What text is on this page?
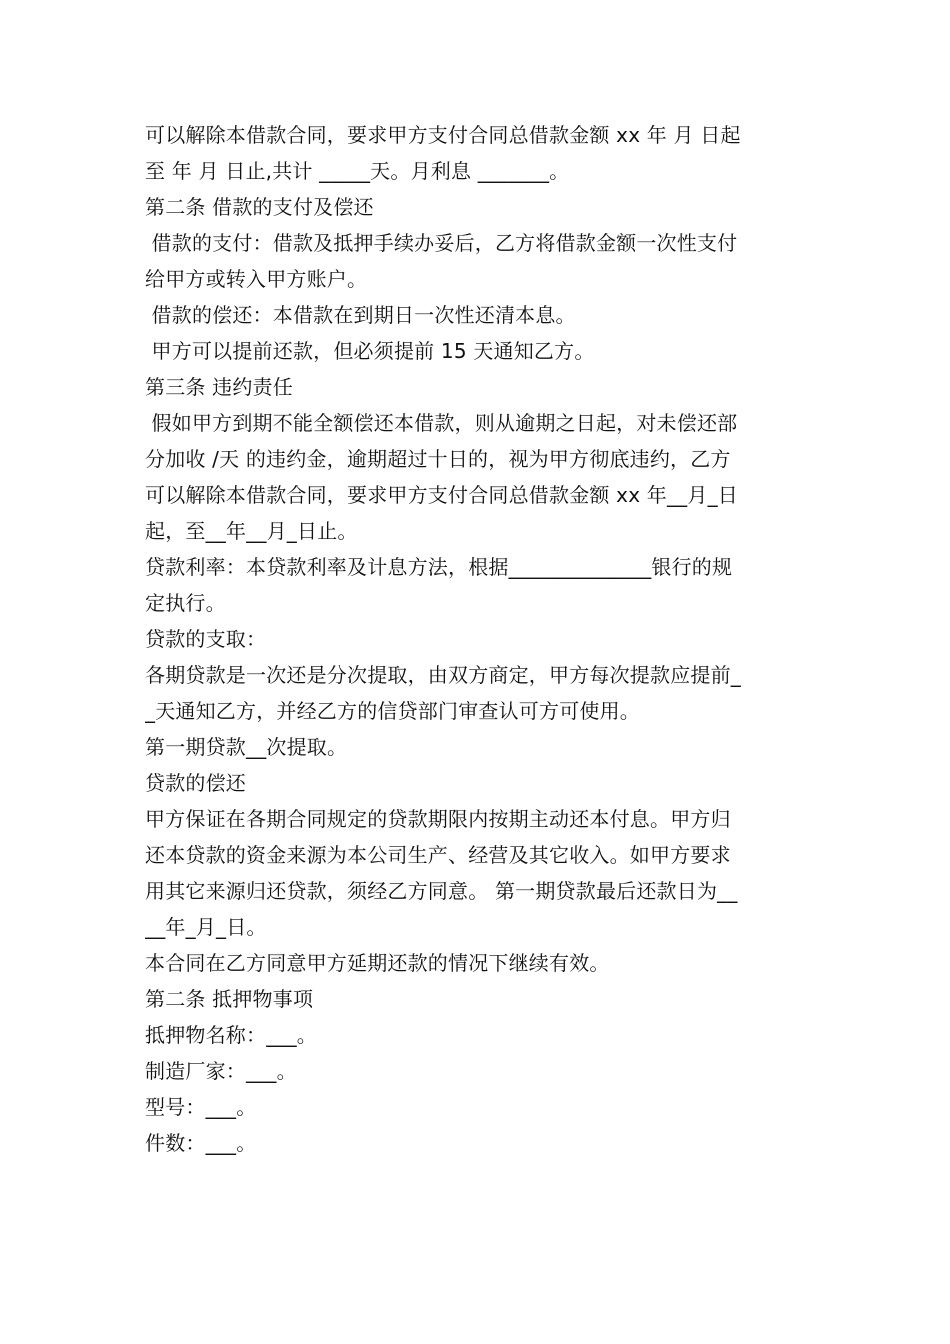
可以解除本借款合同，要求甲方支付合同总借款金额 xx 年 月 日起
至 年 月 日止,共计 _____天。月利息 _______。
第二条 借款的支付及偿还
借款的支付：借款及抵押手续办妥后，乙方将借款金额一次性支付
给甲方或转入甲方账户。
借款的偿还：本借款在到期日一次性还清本息。
甲方可以提前还款，但必须提前 15 天通知乙方。
第三条 违约责任
假如甲方到期不能全额偿还本借款，则从逾期之日起，对未偿还部
分加收 /天 的违约金，逾期超过十日的，视为甲方彻底违约，乙方
可以解除本借款合同，要求甲方支付合同总借款金额 xx 年__月_日
起，至__年__月_日止。
贷款利率：本贷款利率及计息方法，根据______________银行的规
定执行。
贷款的支取：
各期贷款是一次还是分次提取，由双方商定，甲方每次提款应提前_
_天通知乙方，并经乙方的信贷部门审查认可方可使用。
第一期贷款__次提取。
贷款的偿还
甲方保证在各期合同规定的贷款期限内按期主动还本付息。甲方归
还本贷款的资金来源为本公司生产、经营及其它收入。如甲方要求
用其它来源归还贷款，须经乙方同意。 第一期贷款最后还款日为__
__年_月_日。
本合同在乙方同意甲方延期还款的情况下继续有效。
第二条 抵押物事项
抵押物名称：___。
制造厂家：___。
型号：___。
件数：___。
